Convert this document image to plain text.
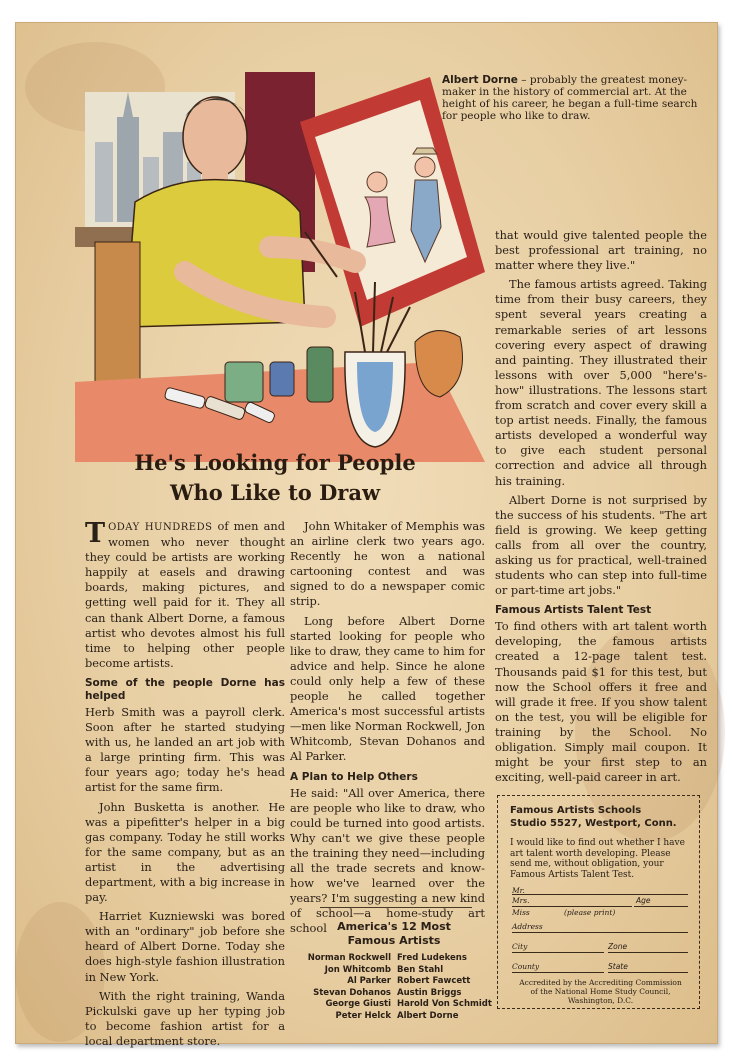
Albert Dorne – probably the greatest money-maker in the history of commercial art. At the height of his career, he began a full-time search for people who like to draw.
He's Looking for People
Who Like to Draw

TODAY HUNDREDS of men and women who never thought they could be artists are working happily at easels and drawing boards, making pictures, and getting well paid for it. They all can thank Albert Dorne, a famous artist who devotes almost his full time to helping other people become artists.

Some of the people Dorne has helped

Herb Smith was a payroll clerk. Soon after he started studying with us, he landed an art job with a large printing firm. This was four years ago; today he's head artist for the same firm.

John Busketta is another. He was a pipefitter's helper in a big gas company. Today he still works for the same company, but as an artist in the advertising department, with a big increase in pay.

Harriet Kuzniewski was bored with an "ordinary" job before she heard of Albert Dorne. Today she does high-style fashion illustration in New York.

With the right training, Wanda Pickulski gave up her typing job to become fashion artist for a local department store.

John Whitaker of Memphis was an airline clerk two years ago. Recently he won a national cartooning contest and was signed to do a newspaper comic strip.

Long before Albert Dorne started looking for people who like to draw, they came to him for advice and help. Since he alone could only help a few of these people he called together America's most successful artists —men like Norman Rockwell, Jon Whitcomb, Stevan Dohanos and Al Parker.

A Plan to Help Others

He said: "All over America, there are people who like to draw, who could be turned into good artists. Why can't we give these people the training they need—including all the trade secrets and know-how we've learned over the years? I'm suggesting a new kind of school—a home-study art school America's 12 Most
Famous Artists
Norman Rockwell	Fred Ludekens
Jon Whitcomb	Ben Stahl
Al Parker	Robert Fawcett
Stevan Dohanos	Austin Briggs
George Giusti	Harold Von Schmidt
Peter Helck	Albert Dorne

that would give talented people the best professional art training, no matter where they live."

The famous artists agreed. Taking time from their busy careers, they spent several years creating a remarkable series of art lessons covering every aspect of drawing and painting. They illustrated their lessons with over 5,000 "here's-how" illustrations. The lessons start from scratch and cover every skill a top artist needs. Finally, the famous artists developed a wonderful way to give each student personal correction and advice all through his training.

Albert Dorne is not surprised by the success of his students. "The art field is growing. We keep getting calls from all over the country, asking us for practical, well-trained students who can step into full-time or part-time art jobs."

Famous Artists Talent Test

To find others with art talent worth developing, the famous artists created a 12-page talent test. Thousands paid $1 for this test, but now the School offers it free and will grade it free. If you show talent on the test, you will be eligible for training by the School. No obligation. Simply mail coupon. It might be your first step to an exciting, well-paid career in art.

Famous Artists Schools
Studio 5527, Westport, Conn.
I would like to find out whether I have art talent worth developing. Please send me, without obligation, your Famous Artists Talent Test.
Mr.
Mrs.	Age
Miss	(please print)
Address
City	Zone
County	State
Accredited by the Accrediting Commission of the National Home Study Council, Washington, D.C.
